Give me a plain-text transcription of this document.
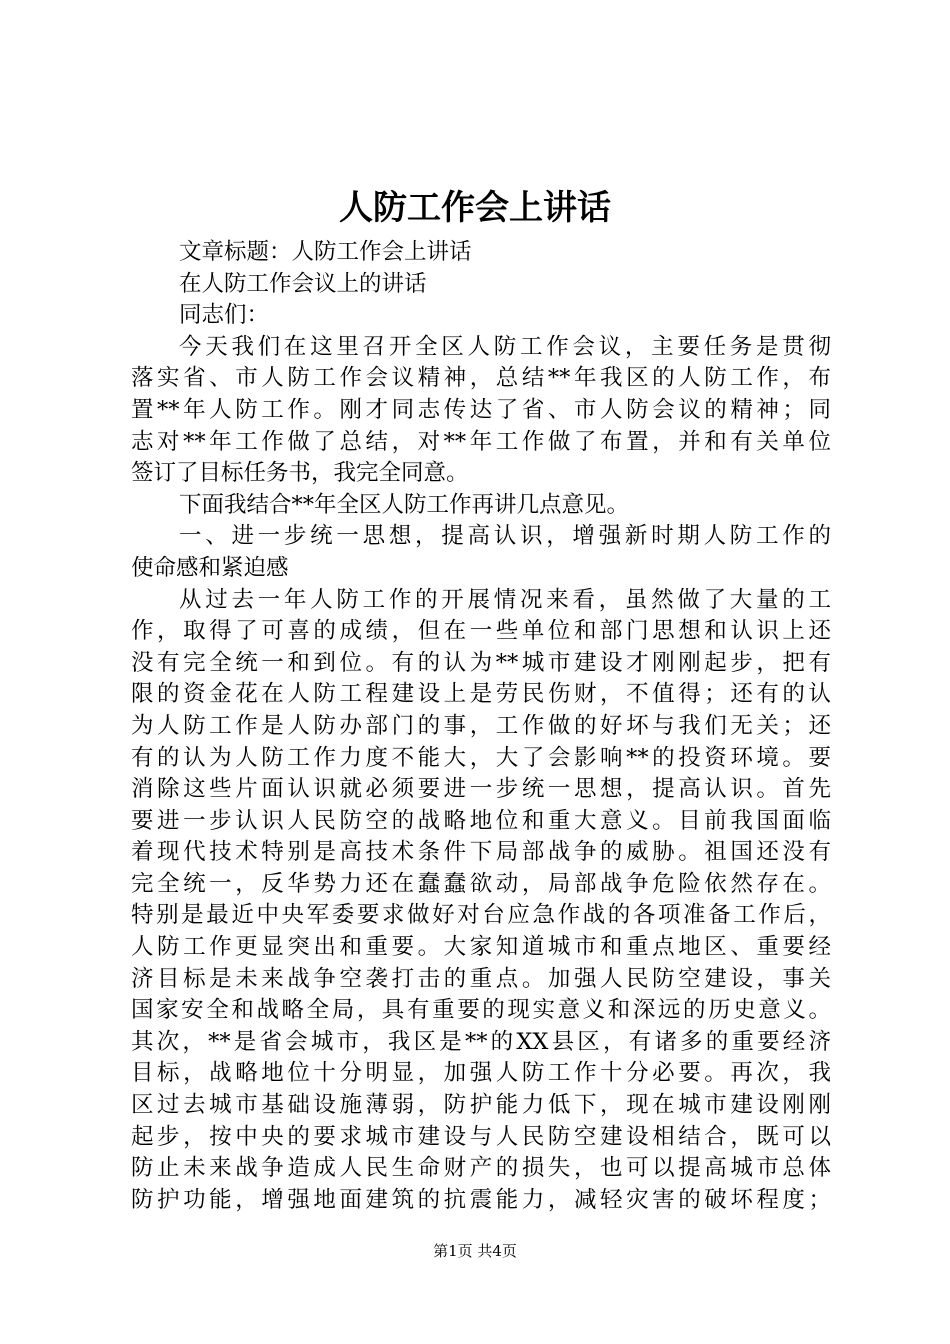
人防工作会上讲话
文章标题：人防工作会上讲话
在人防工作会议上的讲话
同志们：
今天我们在这里召开全区人防工作会议，主要任务是贯彻
落实省、市人防工作会议精神，总结**年我区的人防工作，布
置**年人防工作。刚才同志传达了省、市人防会议的精神；同
志对**年工作做了总结，对**年工作做了布置，并和有关单位
签订了目标任务书，我完全同意。
下面我结合**年全区人防工作再讲几点意见。
一、进一步统一思想，提高认识，增强新时期人防工作的
使命感和紧迫感
从过去一年人防工作的开展情况来看，虽然做了大量的工
作，取得了可喜的成绩，但在一些单位和部门思想和认识上还
没有完全统一和到位。有的认为**城市建设才刚刚起步，把有
限的资金花在人防工程建设上是劳民伤财，不值得；还有的认
为人防工作是人防办部门的事，工作做的好坏与我们无关；还
有的认为人防工作力度不能大，大了会影响**的投资环境。要
消除这些片面认识就必须要进一步统一思想，提高认识。首先
要进一步认识人民防空的战略地位和重大意义。目前我国面临
着现代技术特别是高技术条件下局部战争的威胁。祖国还没有
完全统一，反华势力还在蠢蠢欲动，局部战争危险依然存在。
特别是最近中央军委要求做好对台应急作战的各项准备工作后，
人防工作更显突出和重要。大家知道城市和重点地区、重要经
济目标是未来战争空袭打击的重点。加强人民防空建设，事关
国家安全和战略全局，具有重要的现实意义和深远的历史意义。
其次，**是省会城市，我区是**的XX县区，有诸多的重要经济
目标，战略地位十分明显，加强人防工作十分必要。再次，我
区过去城市基础设施薄弱，防护能力低下，现在城市建设刚刚
起步，按中央的要求城市建设与人民防空建设相结合，既可以
防止未来战争造成人民生命财产的损失，也可以提高城市总体
防护功能，增强地面建筑的抗震能力，减轻灾害的破坏程度；
第1页 共4页
